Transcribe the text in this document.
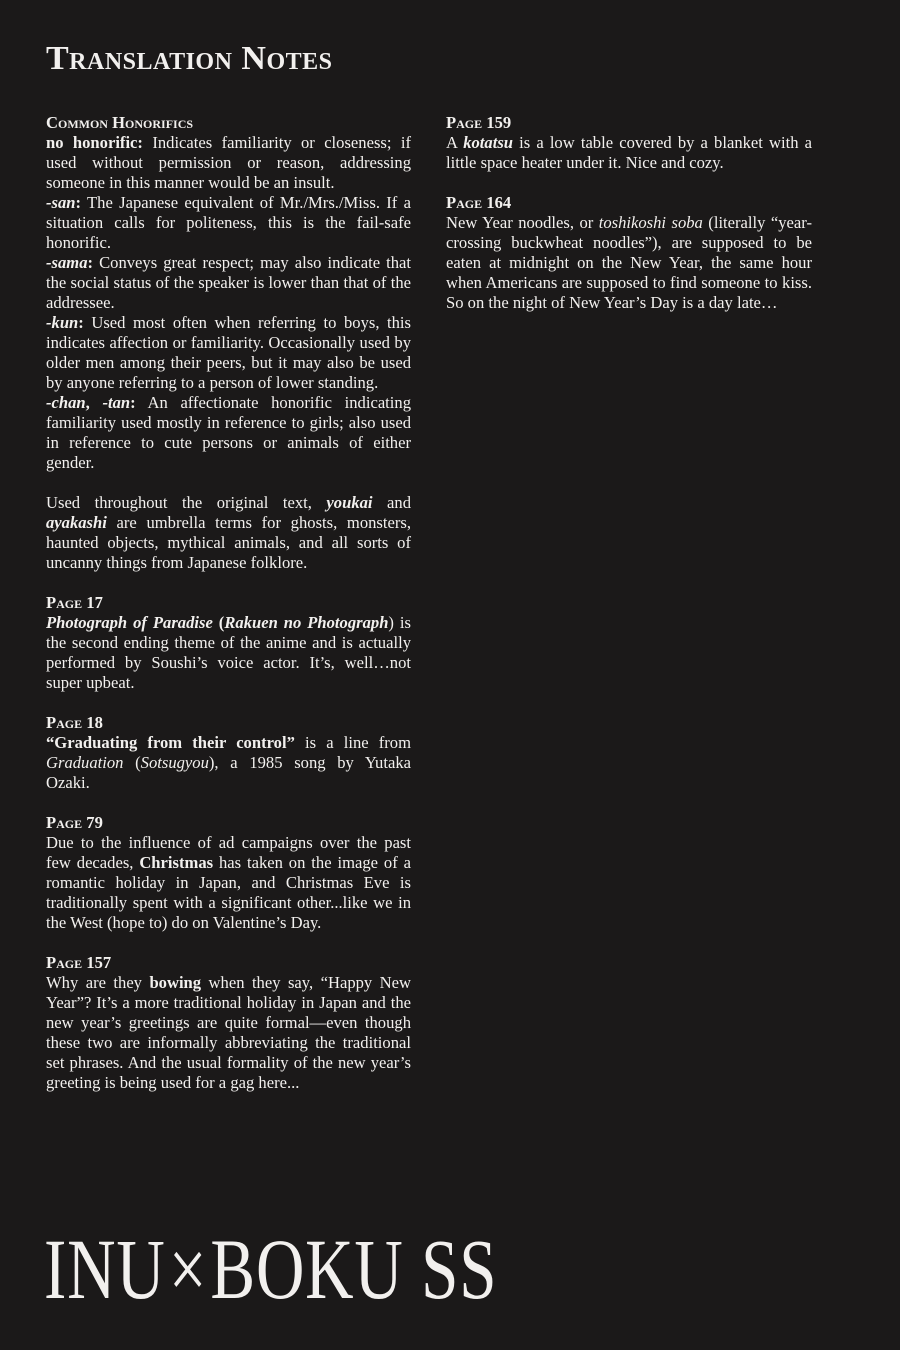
Translation Notes
Common Honorifics

no honorific: Indicates familiarity or closeness; if used without permission or reason, addressing someone in this manner would be an insult.

-san: The Japanese equivalent of Mr./Mrs./Miss. If a situation calls for politeness, this is the fail-safe honorific.

-sama: Conveys great respect; may also indicate that the social status of the speaker is lower than that of the addressee.

-kun: Used most often when referring to boys, this indicates affection or familiarity. Occasionally used by older men among their peers, but it may also be used by anyone referring to a person of lower standing.

-chan, -tan: An affectionate honorific indicating familiarity used mostly in reference to girls; also used in reference to cute persons or animals of either gender.

Used throughout the original text, youkai and ayakashi are umbrella terms for ghosts, monsters, haunted objects, mythical animals, and all sorts of uncanny things from Japanese folklore.

Page 17

Photograph of Paradise (Rakuen no Photograph) is the second ending theme of the anime and is actually performed by Soushi’s voice actor. It’s, well…not super upbeat.

Page 18

“Graduating from their control” is a line from Graduation (Sotsugyou), a 1985 song by Yutaka Ozaki.

Page 79

Due to the influence of ad campaigns over the past few decades, Christmas has taken on the image of a romantic holiday in Japan, and Christmas Eve is traditionally spent with a significant other...like we in the West (hope to) do on Valentine’s Day.

Page 157

Why are they bowing when they say, “Happy New Year”? It’s a more traditional holiday in Japan and the new year’s greetings are quite formal—even though these two are informally abbreviating the traditional set phrases. And the usual formality of the new year’s greeting is being used for a gag here...

Page 159

A kotatsu is a low table covered by a blanket with a little space heater under it. Nice and cozy.

Page 164

New Year noodles, or toshikoshi soba (literally “year-crossing buckwheat noodles”), are supposed to be eaten at midnight on the New Year, the same hour when Americans are supposed to find someone to kiss. So on the night of New Year’s Day is a day late…

INU×BOKU SS
